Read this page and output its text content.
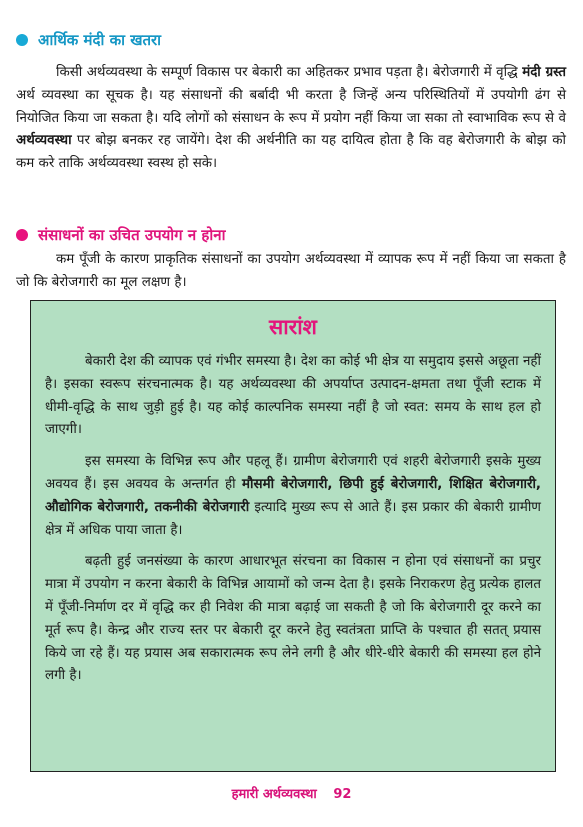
आर्थिक मंदी का खतरा

किसी अर्थव्यवस्था के सम्पूर्ण विकास पर बेकारी का अहितकर प्रभाव पड़ता है। बेरोजगारी में वृद्धि मंदी ग्रस्त अर्थ व्यवस्था का सूचक है। यह संसाधनों की बर्बादी भी करता है जिन्हें अन्य परिस्थितियों में उपयोगी ढंग से नियोजित किया जा सकता है। यदि लोगों को संसाधन के रूप में प्रयोग नहीं किया जा सका तो स्वाभाविक रूप से वे अर्थव्यवस्था पर बोझ बनकर रह जायेंगे। देश की अर्थनीति का यह दायित्व होता है कि वह बेरोजगारी के बोझ को कम करे ताकि अर्थव्यवस्था स्वस्थ हो सके।

संसाधनों का उचित उपयोग न होना

कम पूँजी के कारण प्राकृतिक संसाधनों का उपयोग अर्थव्यवस्था में व्यापक रूप में नहीं किया जा सकता है जो कि बेरोजगारी का मूल लक्षण है।

सारांश

बेकारी देश की व्यापक एवं गंभीर समस्या है। देश का कोई भी क्षेत्र या समुदाय इससे अछूता नहीं है। इसका स्वरूप संरचनात्मक है। यह अर्थव्यवस्था की अपर्याप्त उत्पादन-क्षमता तथा पूँजी स्टाक में धीमी-वृद्धि के साथ जुड़ी हुई है। यह कोई काल्पनिक समस्या नहीं है जो स्वत: समय के साथ हल हो जाएगी।

इस समस्या के विभिन्न रूप और पहलू हैं। ग्रामीण बेरोजगारी एवं शहरी बेरोजगारी इसके मुख्य अवयव हैं। इस अवयव के अन्तर्गत ही मौसमी बेरोजगारी, छिपी हुई बेरोजगारी, शिक्षित बेरोजगारी, औद्योगिक बेरोजगारी, तकनीकी बेरोजगारी इत्यादि मुख्य रूप से आते हैं। इस प्रकार की बेकारी ग्रामीण क्षेत्र में अधिक पाया जाता है।

बढ़ती हुई जनसंख्या के कारण आधारभूत संरचना का विकास न होना एवं संसाधनों का प्रचुर मात्रा में उपयोग न करना बेकारी के विभिन्न आयामों को जन्म देता है। इसके निराकरण हेतु प्रत्येक हालत में पूँजी-निर्माण दर में वृद्धि कर ही निवेश की मात्रा बढ़ाई जा सकती है जो कि बेरोजगारी दूर करने का मूर्त रूप है। केन्द्र और राज्य स्तर पर बेकारी दूर करने हेतु स्वतंत्रता प्राप्ति के पश्चात ही सतत् प्रयास किये जा रहे हैं। यह प्रयास अब सकारात्मक रूप लेने लगी है और धीरे-धीरे बेकारी की समस्या हल होने लगी है।

हमारी अर्थव्यवस्था 92
